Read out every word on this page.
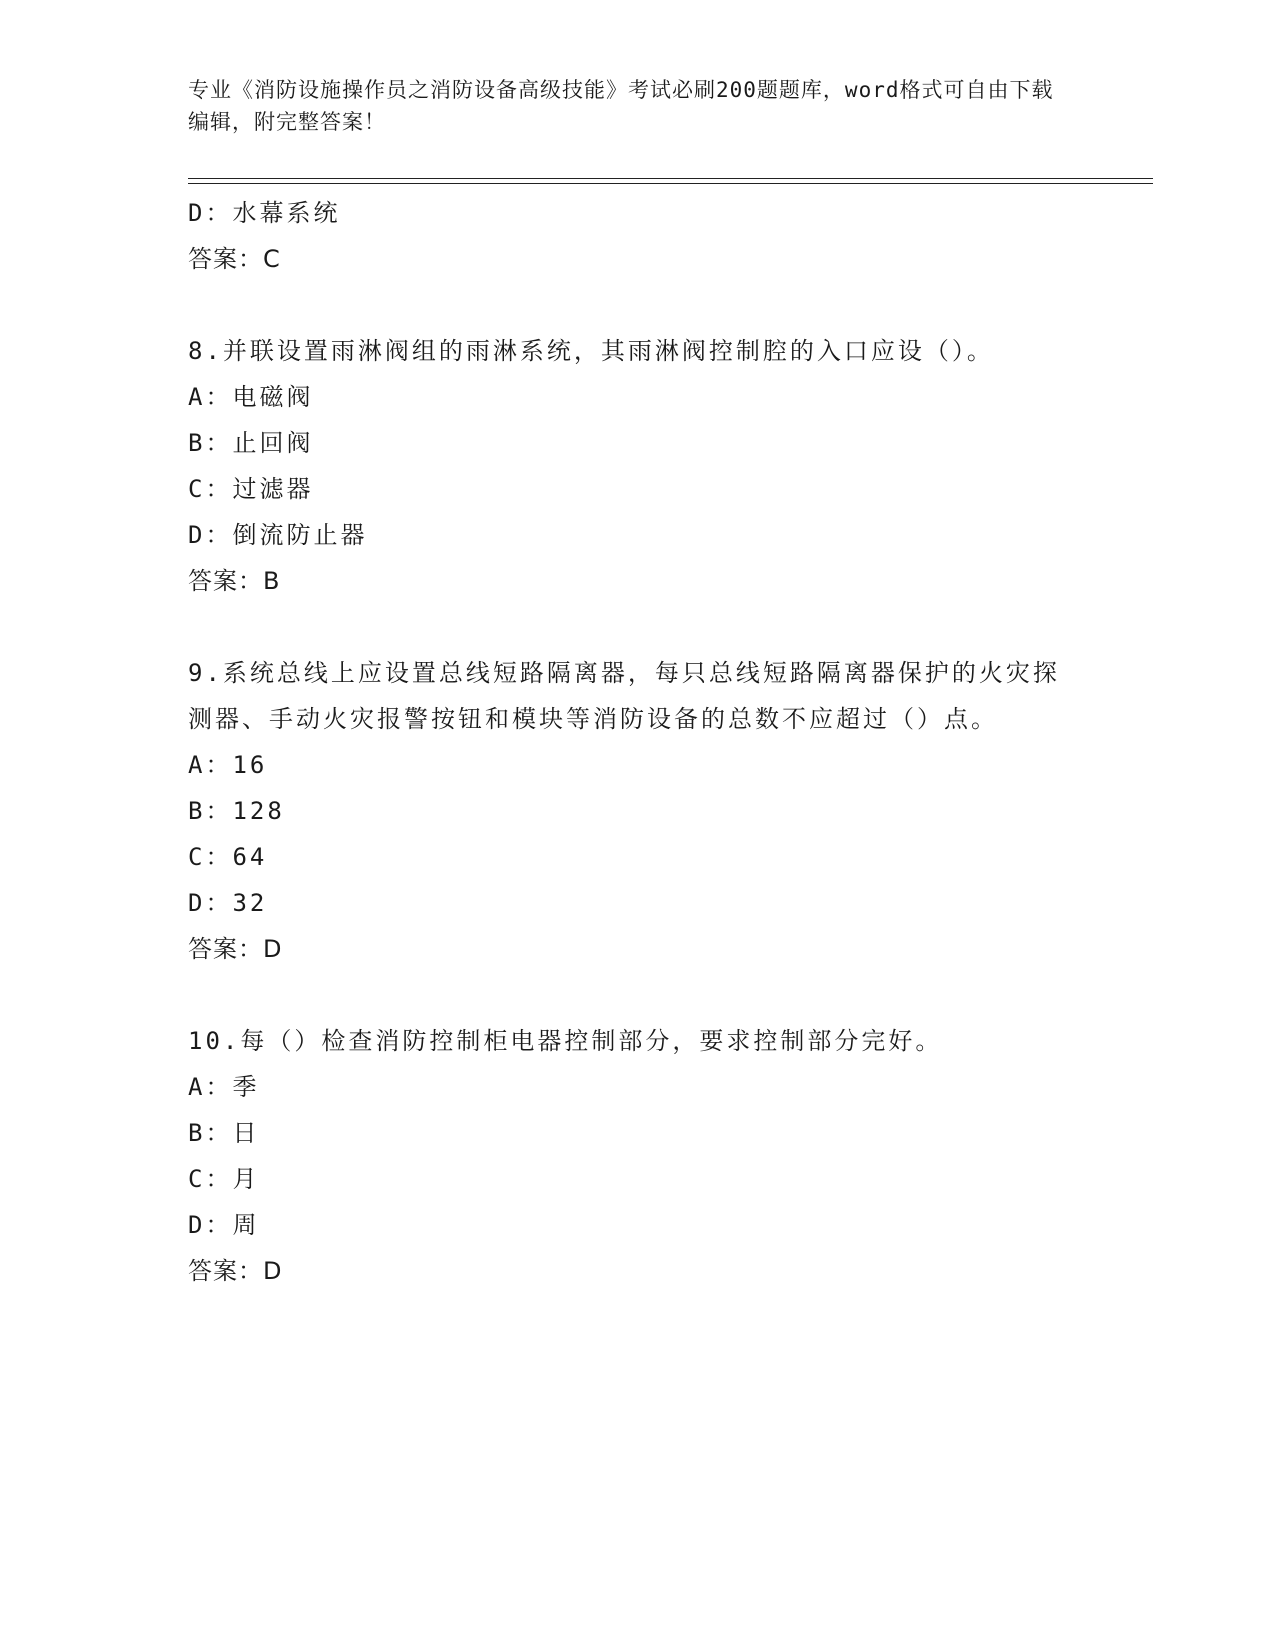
专业《消防设施操作员之消防设备高级技能》考试必刷200题题库，word格式可自由下载编辑，附完整答案！
D：水幕系统
答案：C
8.并联设置雨淋阀组的雨淋系统，其雨淋阀控制腔的入口应设（）。
A：电磁阀
B：止回阀
C：过滤器
D：倒流防止器
答案：B
9.系统总线上应设置总线短路隔离器，每只总线短路隔离器保护的火灾探测器、手动火灾报警按钮和模块等消防设备的总数不应超过（）点。
A：16
B：128
C：64
D：32
答案：D
10.每（）检查消防控制柜电器控制部分，要求控制部分完好。
A：季
B：日
C：月
D：周
答案：D
